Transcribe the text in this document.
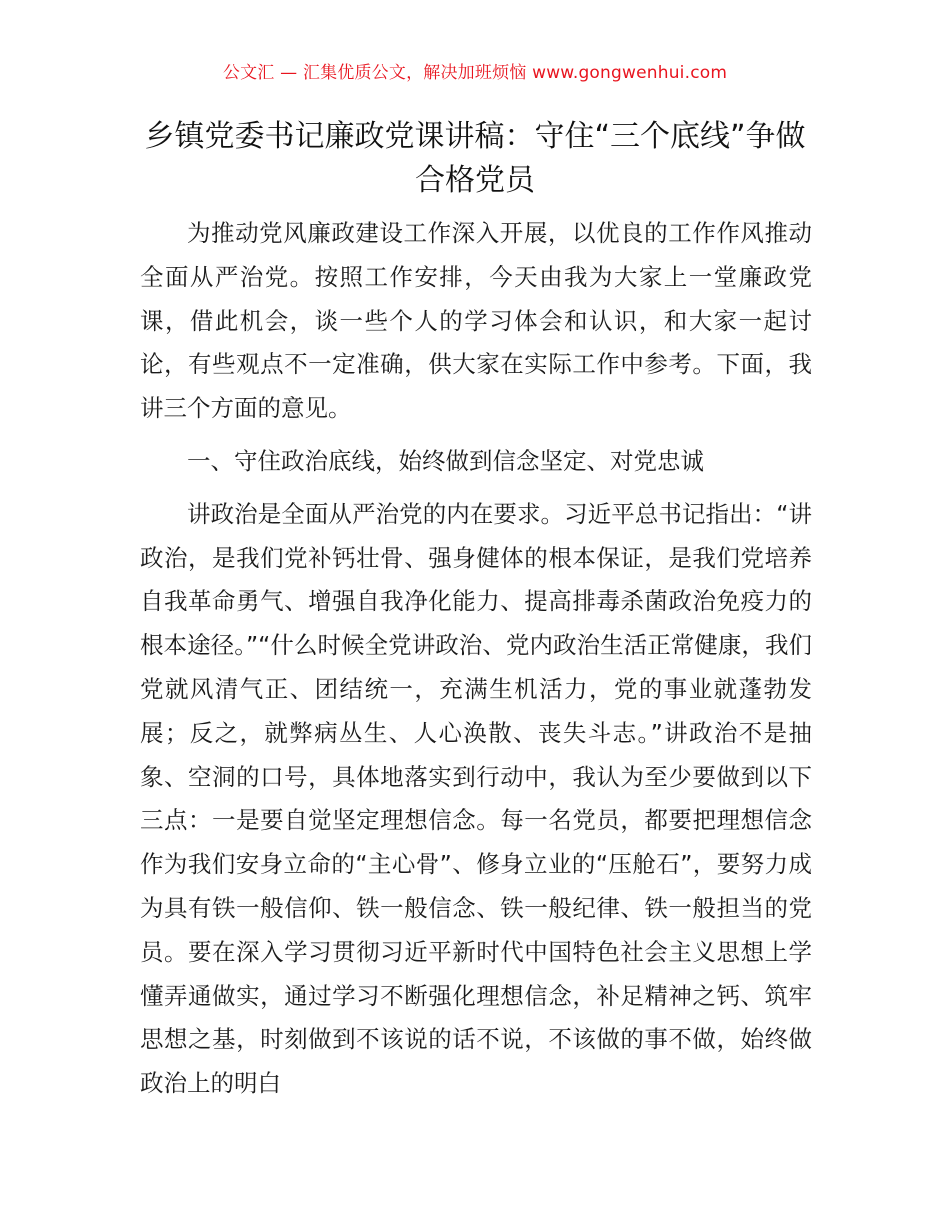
公文汇 — 汇集优质公文，解决加班烦恼 www.gongwenhui.com
乡镇党委书记廉政党课讲稿：守住“三个底线”争做合格党员

为推动党风廉政建设工作深入开展，以优良的工作作风推动全面从严治党。按照工作安排，今天由我为大家上一堂廉政党课，借此机会，谈一些个人的学习体会和认识，和大家一起讨论，有些观点不一定准确，供大家在实际工作中参考。下面，我讲三个方面的意见。

一、守住政治底线，始终做到信念坚定、对党忠诚

讲政治是全面从严治党的内在要求。习近平总书记指出：“讲政治，是我们党补钙壮骨、强身健体的根本保证，是我们党培养自我革命勇气、增强自我净化能力、提高排毒杀菌政治免疫力的根本途径。”“什么时候全党讲政治、党内政治生活正常健康，我们党就风清气正、团结统一，充满生机活力，党的事业就蓬勃发展；反之，就弊病丛生、人心涣散、丧失斗志。”讲政治不是抽象、空洞的口号，具体地落实到行动中，我认为至少要做到以下三点：一是要自觉坚定理想信念。每一名党员，都要把理想信念作为我们安身立命的“主心骨”、修身立业的“压舱石”，要努力成为具有铁一般信仰、铁一般信念、铁一般纪律、铁一般担当的党员。要在深入学习贯彻习近平新时代中国特色社会主义思想上学懂弄通做实，通过学习不断强化理想信念，补足精神之钙、筑牢思想之基，时刻做到不该说的话不说，不该做的事不做，始终做政治上的明白
